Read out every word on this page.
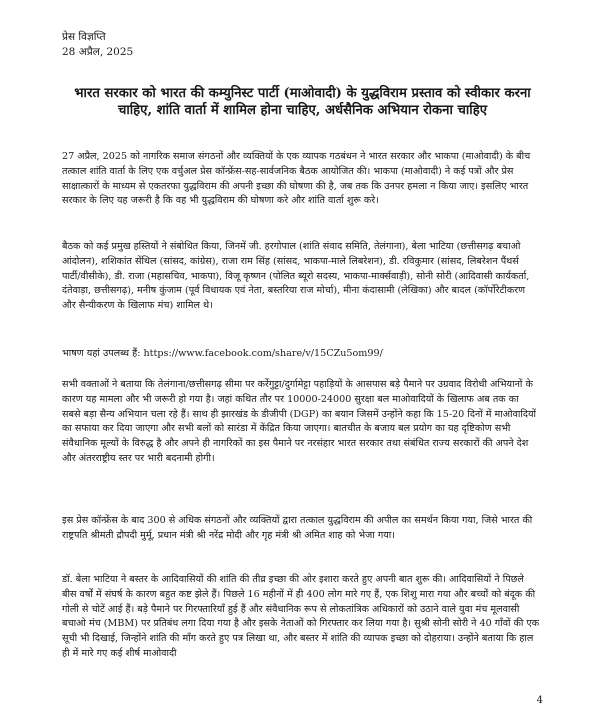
प्रेस विज्ञप्ति
28 अप्रैल, 2025
भारत सरकार को भारत की कम्युनिस्ट पार्टी (माओवादी) के युद्धविराम प्रस्ताव को स्वीकार करना चाहिए, शांति वार्ता में शामिल होना चाहिए, अर्धसैनिक अभियान रोकना चाहिए
27 अप्रैल, 2025 को नागरिक समाज संगठनों और व्यक्तियों के एक व्यापक गठबंधन ने भारत सरकार और भाकपा (माओवादी) के बीच तत्काल शांति वार्ता के लिए एक वर्चुअल प्रेस कॉन्फ्रेंस-सह-सार्वजनिक बैठक आयोजित की। भाकपा (माओवादी) ने कई पत्रों और प्रेस साक्षात्कारों के माध्यम से एकतरफा युद्धविराम की अपनी इच्छा की घोषणा की है, जब तक कि उनपर हमला न किया जाए। इसलिए भारत सरकार के लिए यह जरूरी है कि वह भी युद्धविराम की घोषणा करे और शांति वार्ता शुरू करे।
बैठक को कई प्रमुख हस्तियों ने संबोधित किया, जिनमें जी. हरगोपाल (शांति संवाद समिति, तेलंगाना), बेला भाटिया (छत्तीसगढ़ बचाओ आंदोलन), शशिकांत सेंथिल (सांसद, कांग्रेस), राजा राम सिंह (सांसद, भाकपा-माले लिबरेशन), डी. रविकुमार (सांसद, लिबरेशन पैंथर्स पार्टी/वीसीके), डी. राजा (महासचिव, भाकपा), विजू कृष्णन (पोलित ब्यूरो सदस्य, भाकपा-मार्क्सवाड़ी), सोनी सोरी (आदिवासी कार्यकर्ता, दंतेवाड़ा, छत्तीसगढ़), मनीष कुंजाम (पूर्व विधायक एवं नेता, बस्तरिया राज मोर्चा), मीना कंदासामी (लेखिका) और बादल (कॉर्पोरेटीकरण और सैन्यीकरण के खिलाफ मंच) शामिल थे।
भाषण यहां उपलब्ध हैं: https://www.facebook.com/share/v/15CZu5om99/
सभी वक्ताओं ने बताया कि तेलंगाना/छत्तीसगढ़ सीमा पर कर्रेगुट्टा/दुर्गामेट्टा पहाड़ियों के आसपास बड़े पैमाने पर उग्रवाद विरोधी अभियानों के कारण यह मामला और भी जरूरी हो गया है। जहां कथित तौर पर 10000-24000 सुरक्षा बल माओवादियों के खिलाफ अब तक का सबसे बड़ा सैन्य अभियान चला रहे हैं। साथ ही झारखंड के डीजीपी (DGP) का बयान जिसमें उन्होंने कहा कि 15-20 दिनों में माओवादियों का सफाया कर दिया जाएगा और सभी बलों को सारंडा में केंद्रित किया जाएगा। बातचीत के बजाय बल प्रयोग का यह दृष्टिकोण सभी संवैधानिक मूल्यों के विरुद्ध है और अपने ही नागरिकों का इस पैमाने पर नरसंहार भारत सरकार तथा संबंधित राज्य सरकारों की अपने देश और अंतरराष्ट्रीय स्तर पर भारी बदनामी होगी।
इस प्रेस कॉन्फ्रेंस के बाद 300 से अधिक संगठनों और व्यक्तियों द्वारा तत्काल युद्धविराम की अपील का समर्थन किया गया, जिसे भारत की राष्ट्रपति श्रीमती द्रौपदी मुर्मू, प्रधान मंत्री श्री नरेंद्र मोदी और गृह मंत्री श्री अमित शाह को भेजा गया।
डॉ. बेला भाटिया ने बस्तर के आदिवासियों की शांति की तीव्र इच्छा की ओर इशारा करते हुए अपनी बात शुरू की। आदिवासियों ने पिछले बीस वर्षों में संघर्ष के कारण बहुत कष्ट झेले हैं। पिछले 16 महीनों में ही 400 लोग मारे गए हैं, एक शिशु मारा गया और बच्चों को बंदूक की गोली से चोटें आई हैं। बड़े पैमाने पर गिरफ्तारियाँ हुई हैं और संवैधानिक रूप से लोकतांत्रिक अधिकारों को उठाने वाले युवा मंच मूलवासी बचाओ मंच (MBM) पर प्रतिबंध लगा दिया गया है और इसके नेताओं को गिरफ्तार कर लिया गया है। सुश्री सोनी सोरी ने 40 गाँवों की एक सूची भी दिखाई, जिन्होंने शांति की माँग करते हुए पत्र लिखा था, और बस्तर में शांति की व्यापक इच्छा को दोहराया। उन्होंने बताया कि हाल ही में मारे गए कई शीर्ष माओवादी
4
